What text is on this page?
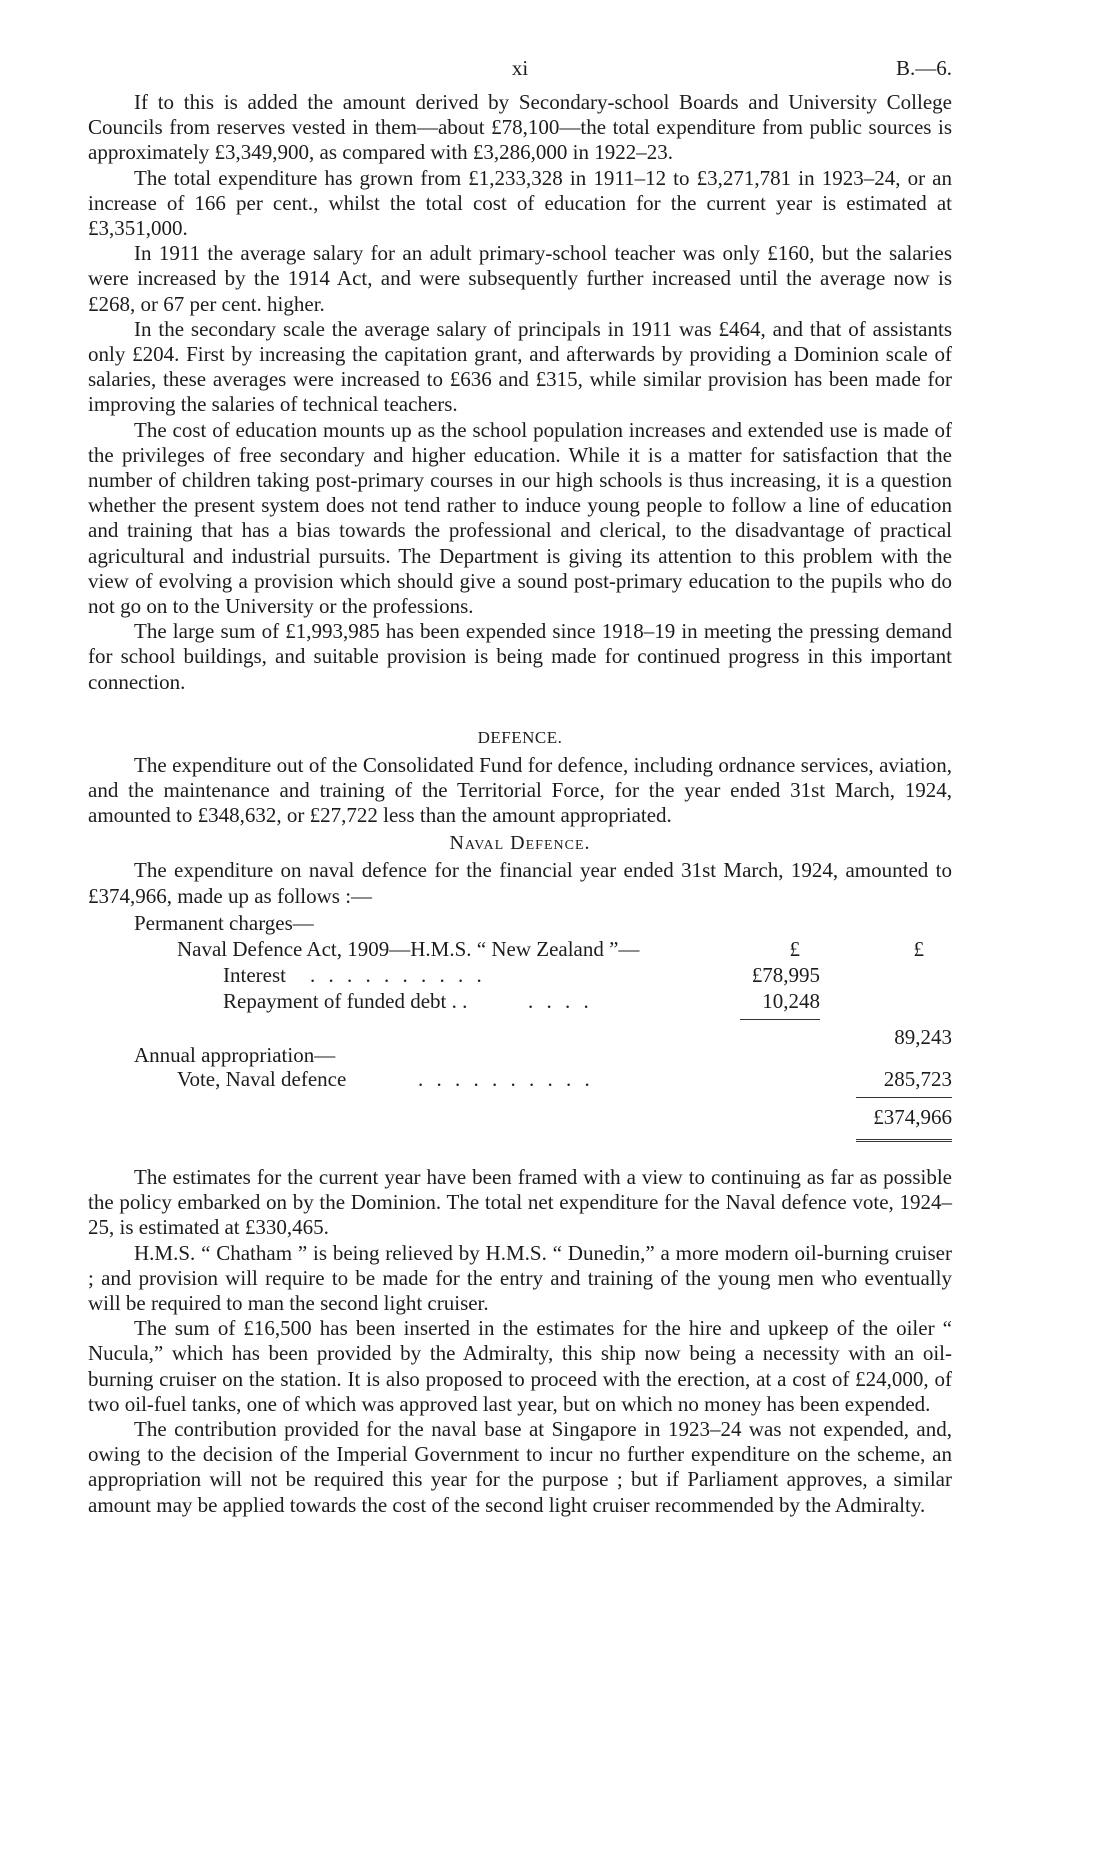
xi	B.—6.

If to this is added the amount derived by Secondary-school Boards and University College Councils from reserves vested in them—about £78,100—the total expenditure from public sources is approximately £3,349,900, as compared with £3,286,000 in 1922–23.

The total expenditure has grown from £1,233,328 in 1911–12 to £3,271,781 in 1923–24, or an increase of 166 per cent., whilst the total cost of education for the current year is estimated at £3,351,000.

In 1911 the average salary for an adult primary-school teacher was only £160, but the salaries were increased by the 1914 Act, and were subsequently further increased until the average now is £268, or 67 per cent. higher.

In the secondary scale the average salary of principals in 1911 was £464, and that of assistants only £204. First by increasing the capitation grant, and afterwards by providing a Dominion scale of salaries, these averages were increased to £636 and £315, while similar provision has been made for improving the salaries of technical teachers.

The cost of education mounts up as the school population increases and extended use is made of the privileges of free secondary and higher education. While it is a matter for satisfaction that the number of children taking post-primary courses in our high schools is thus increasing, it is a question whether the present system does not tend rather to induce young people to follow a line of education and training that has a bias towards the professional and clerical, to the disadvantage of practical agricultural and industrial pursuits. The Department is giving its attention to this problem with the view of evolving a provision which should give a sound post-primary education to the pupils who do not go on to the University or the professions.

The large sum of £1,993,985 has been expended since 1918–19 in meeting the pressing demand for school buildings, and suitable provision is being made for continued progress in this important connection.

DEFENCE.

The expenditure out of the Consolidated Fund for defence, including ordnance services, aviation, and the maintenance and training of the Territorial Force, for the year ended 31st March, 1924, amounted to £348,632, or £27,722 less than the amount appropriated.

Naval Defence.

The expenditure on naval defence for the financial year ended 31st March, 1924, amounted to £374,966, made up as follows :—

Permanent charges—
Naval Defence Act, 1909—H.M.S. “ New Zealand ”—	£	£
Interest . . . . . . . . . .	£78,995
Repayment of funded debt . .	. . . .	10,248
89,243
Annual appropriation—
Vote, Naval defence	. . . . . . . . . .	285,723
£374,966

The estimates for the current year have been framed with a view to continuing as far as possible the policy embarked on by the Dominion. The total net expenditure for the Naval defence vote, 1924–25, is estimated at £330,465.

H.M.S. “ Chatham ” is being relieved by H.M.S. “ Dunedin,” a more modern oil-burning cruiser ; and provision will require to be made for the entry and training of the young men who eventually will be required to man the second light cruiser.

The sum of £16,500 has been inserted in the estimates for the hire and upkeep of the oiler “ Nucula,” which has been provided by the Admiralty, this ship now being a necessity with an oil-burning cruiser on the station. It is also proposed to proceed with the erection, at a cost of £24,000, of two oil-fuel tanks, one of which was approved last year, but on which no money has been expended.

The contribution provided for the naval base at Singapore in 1923–24 was not expended, and, owing to the decision of the Imperial Government to incur no further expenditure on the scheme, an appropriation will not be required this year for the purpose ; but if Parliament approves, a similar amount may be applied towards the cost of the second light cruiser recommended by the Admiralty.
